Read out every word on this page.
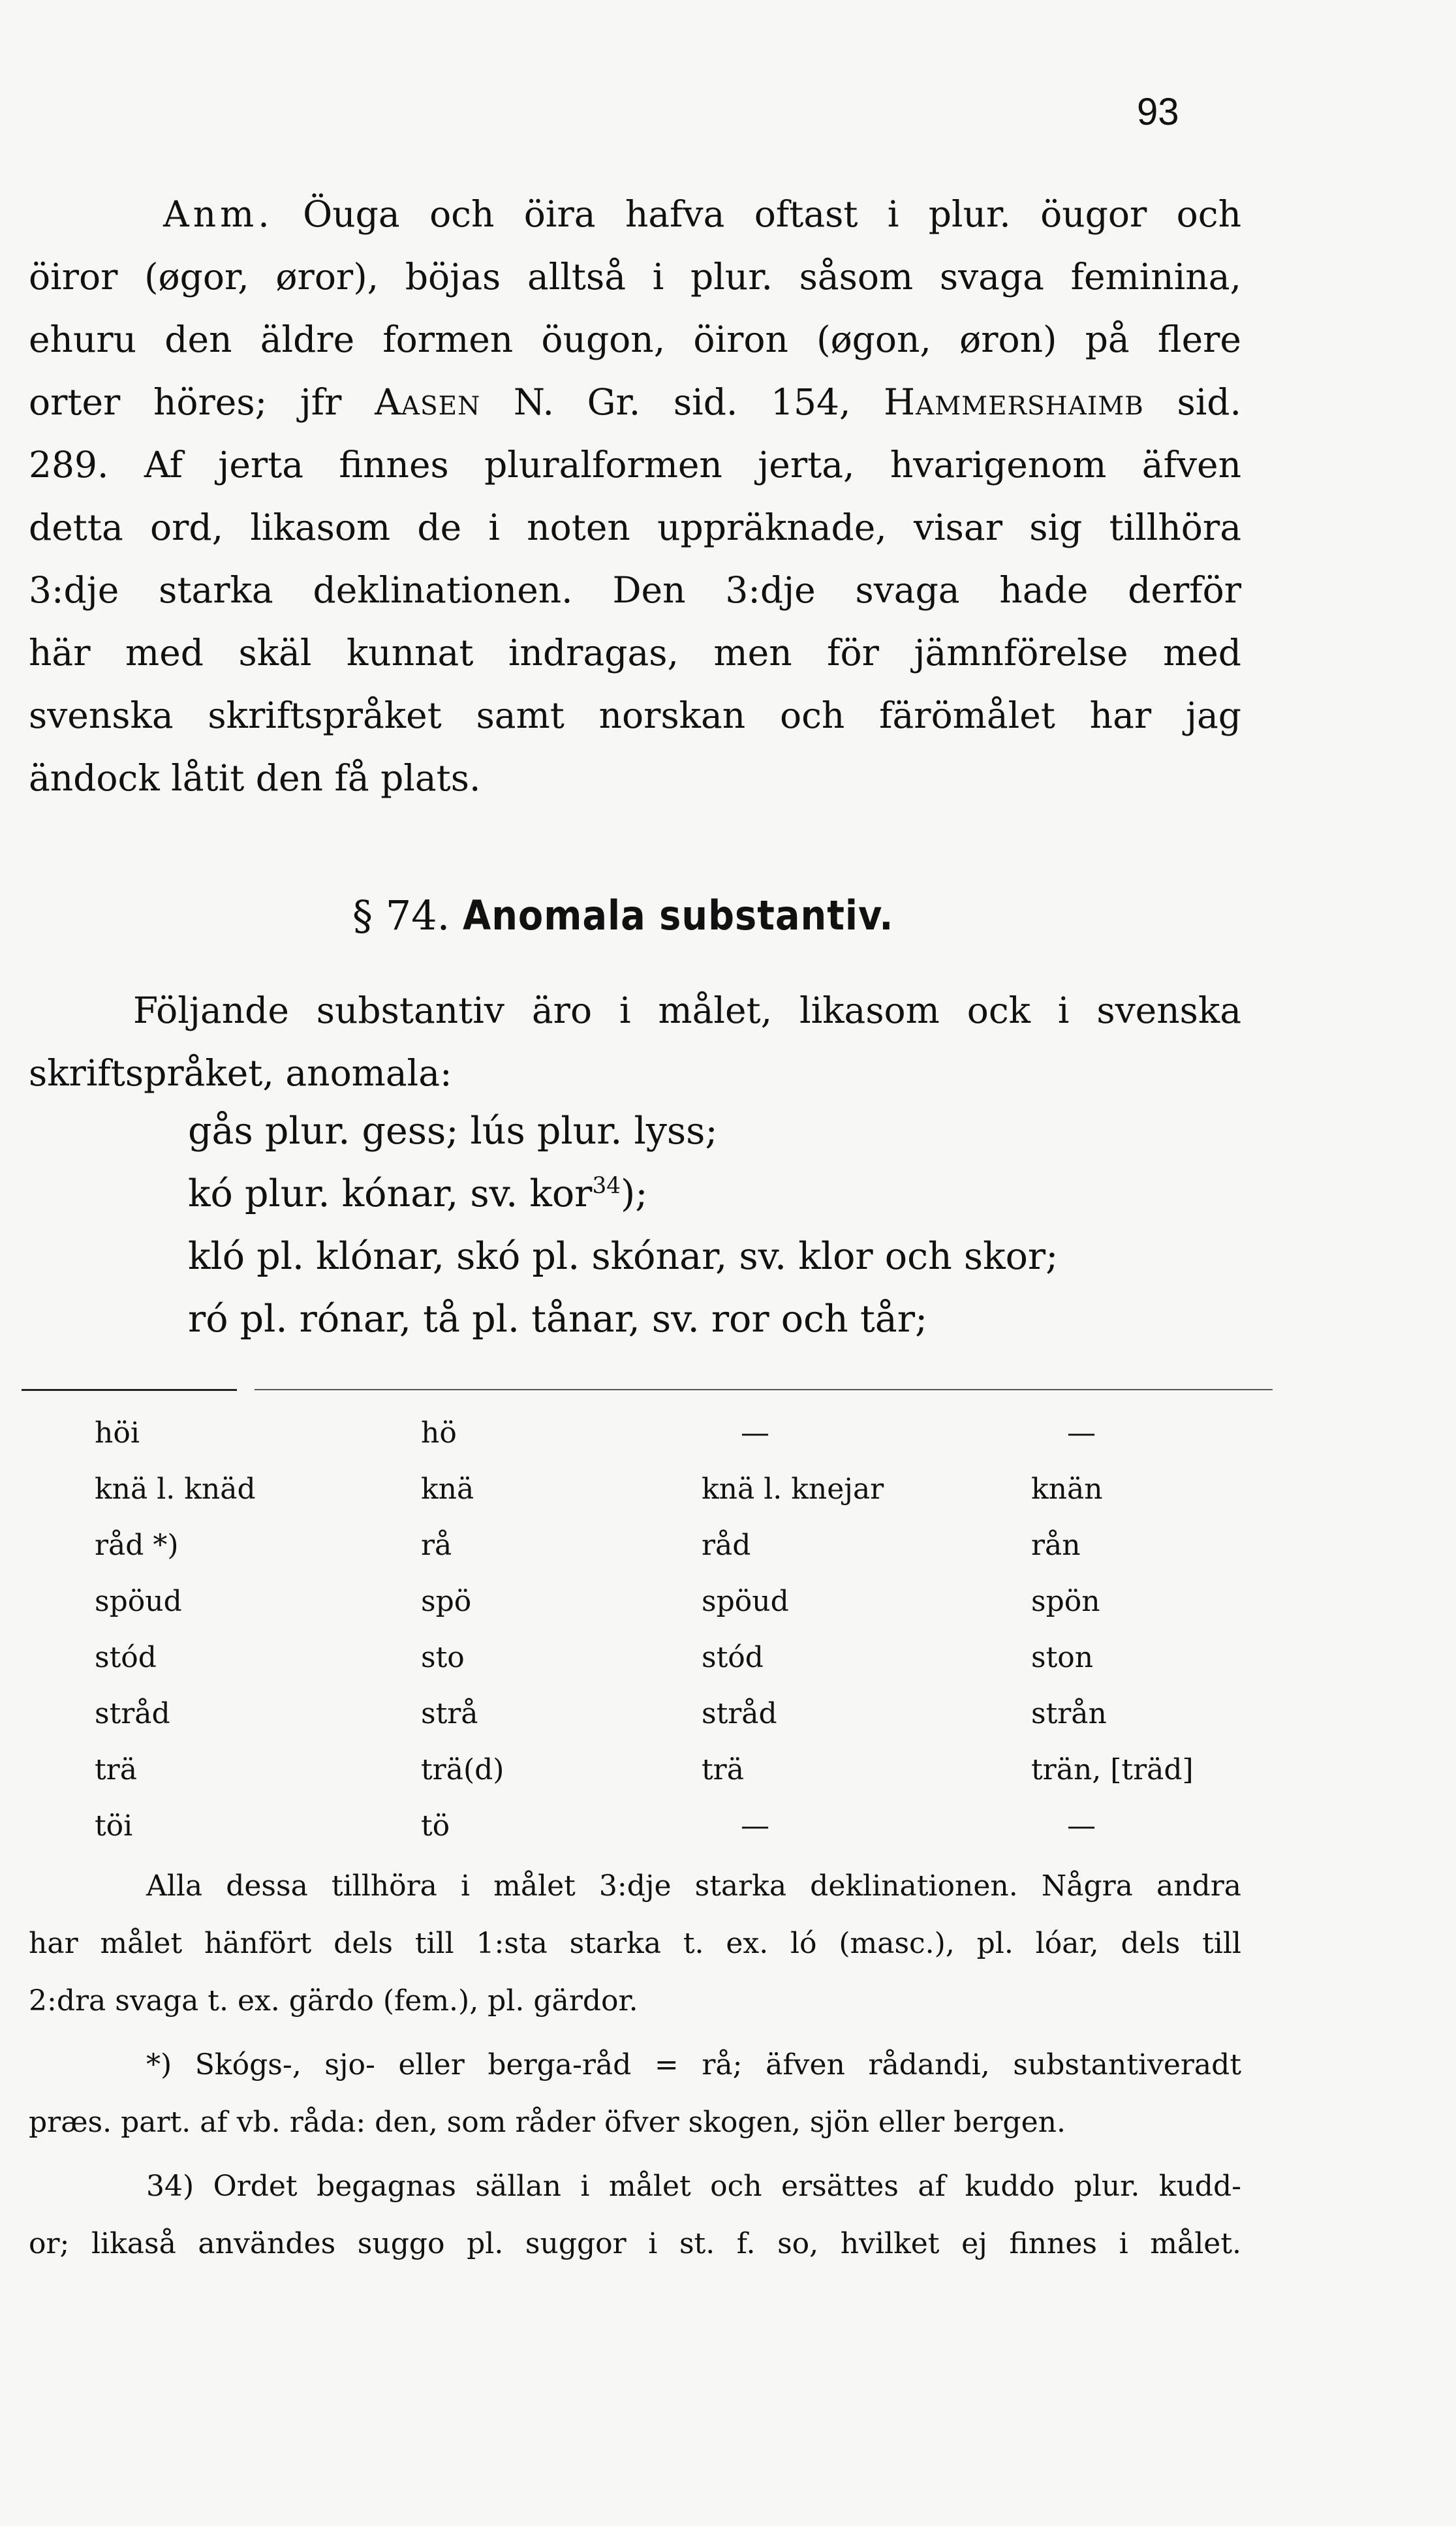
93
Anm. Öuga och öira hafva oftast i plur. öugor och
öiror (øgor, øror), böjas alltså i plur. såsom svaga feminina,
ehuru den äldre formen öugon, öiron (øgon, øron) på flere
orter höres; jfr Aasen N. Gr. sid. 154, Hammershaimb sid.
289. Af jerta finnes pluralformen jerta, hvarigenom äfven
detta ord, likasom de i noten uppräknade, visar sig tillhöra
3:dje starka deklinationen. Den 3:dje svaga hade derför
här med skäl kunnat indragas, men för jämnförelse med
svenska skriftspråket samt norskan och färömålet har jag
ändock låtit den få plats.
§ 74. Anomala substantiv.
Följande substantiv äro i målet, likasom ock i svenska
skriftspråket, anomala:
gås plur. gess; lús plur. lyss;
kó plur. kónar, sv. kor$^{34}$);
kló pl. klónar, skó pl. skónar, sv. klor och skor;
ró pl. rónar, tå pl. tånar, sv. ror och tår;
höi	hö	—	—
knä l. knäd	knä	knä l. knejar	knän
råd *)	rå	råd	rån
spöud	spö	spöud	spön
stód	sto	stód	ston
stråd	strå	stråd	strån
trä	trä(d)	trä	trän, [träd]
töi	tö	—	—
Alla dessa tillhöra i målet 3:dje starka deklinationen. Några andra
har målet hänfört dels till 1:sta starka t. ex. ló (masc.), pl. lóar, dels till
2:dra svaga t. ex. gärdo (fem.), pl. gärdor.
*) Skógs-, sjo- eller berga-råd = rå; äfven rådandi, substantiveradt
præs. part. af vb. råda: den, som råder öfver skogen, sjön eller bergen.
34) Ordet begagnas sällan i målet och ersättes af kuddo plur. kudd-
or; likaså användes suggo pl. suggor i st. f. so, hvilket ej finnes i målet.
